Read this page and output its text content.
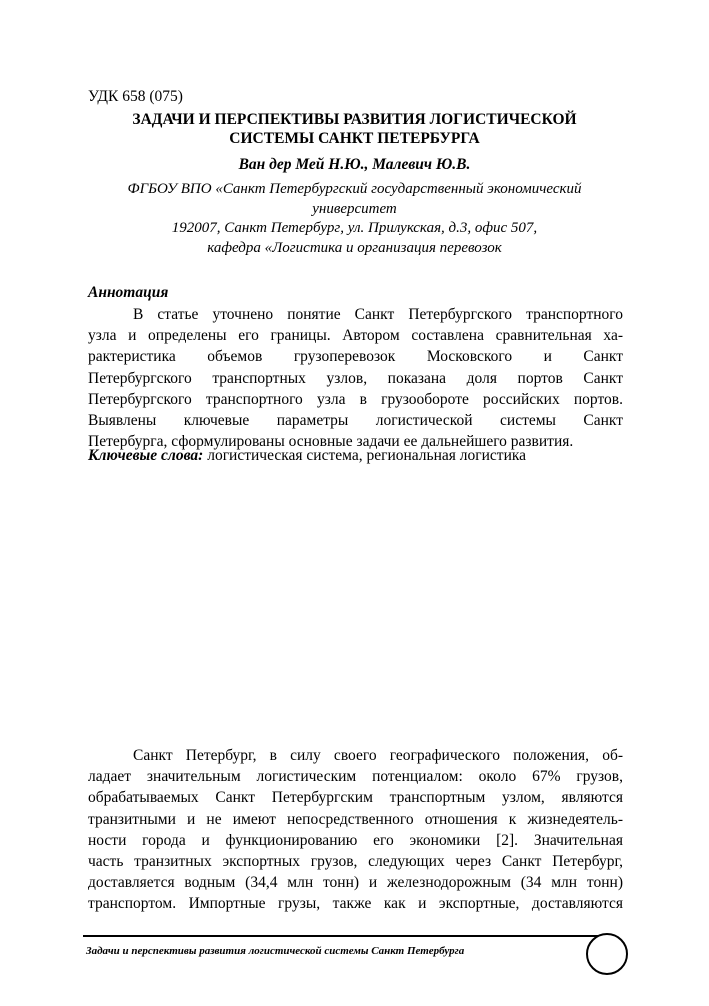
УДК 658 (075)
ЗАДАЧИ И ПЕРСПЕКТИВЫ РАЗВИТИЯ ЛОГИСТИЧЕСКОЙ
СИСТЕМЫ САНКТ ПЕТЕРБУРГА
Ван дер Мей Н.Ю., Малевич Ю.В.
ФГБОУ ВПО «Санкт Петербургский государственный экономический
университет
192007, Санкт Петербург, ул. Прилукская, д.3, офис 507,
кафедра «Логистика и организация перевозок
Аннотация
В статье уточнено понятие Санкт Петербургского транспортного
узла и определены его границы. Автором составлена сравнительная ха-
рактеристика объемов грузоперевозок Московского и Санкт
Петербургского транспортных узлов, показана доля портов Санкт
Петербургского транспортного узла в грузообороте российских портов.
Выявлены ключевые параметры логистической системы Санкт
Петербурга, сформулированы основные задачи ее дальнейшего развития.
Ключевые слова: логистическая система, региональная логистика
Санкт Петербург, в силу своего географического положения, об-
ладает значительным логистическим потенциалом: около 67% грузов,
обрабатываемых Санкт Петербургским транспортным узлом, являются
транзитными и не имеют непосредственного отношения к жизнедеятель-
ности города и функционированию его экономики [2]. Значительная
часть транзитных экспортных грузов, следующих через Санкт Петербург,
доставляется водным (34,4 млн тонн) и железнодорожным (34 млн тонн)
транспортом. Импортные грузы, также как и экспортные, доставляются
Задачи и перспективы развития логистической системы Санкт Петербурга
